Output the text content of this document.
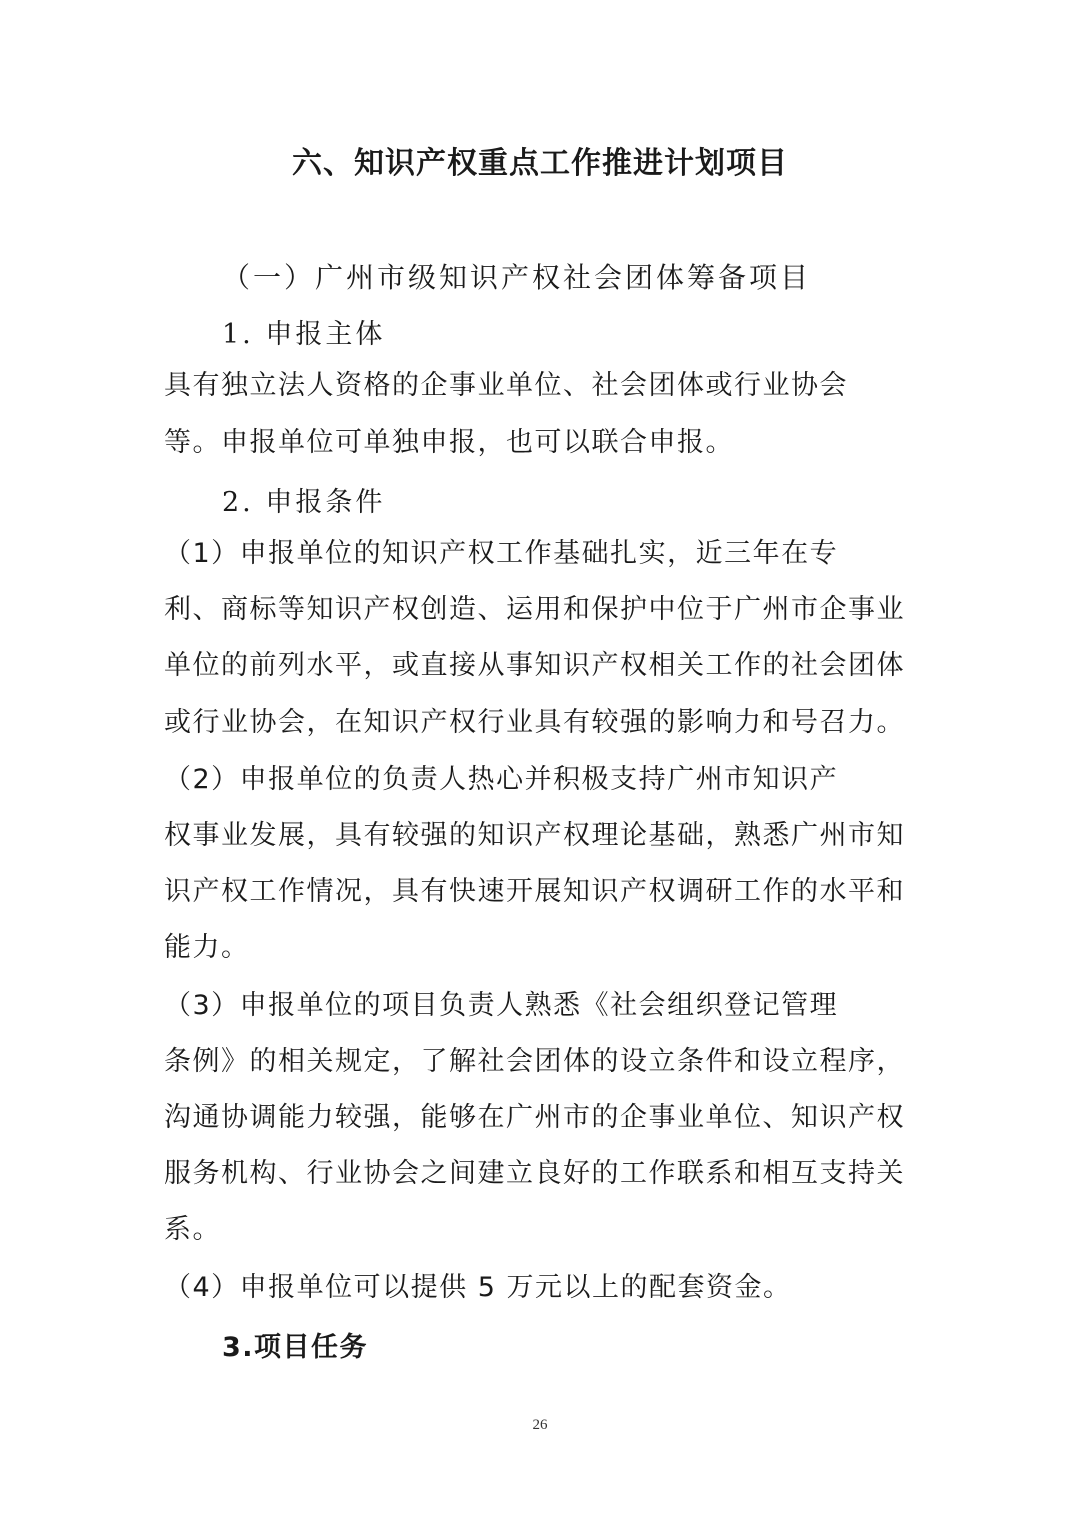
六、知识产权重点工作推进计划项目
（一）广州市级知识产权社会团体筹备项目
1. 申报主体
具有独立法人资格的企事业单位、社会团体或行业协会
等。申报单位可单独申报，也可以联合申报。
2. 申报条件
（1）申报单位的知识产权工作基础扎实，近三年在专
利、商标等知识产权创造、运用和保护中位于广州市企事业
单位的前列水平，或直接从事知识产权相关工作的社会团体
或行业协会，在知识产权行业具有较强的影响力和号召力。
（2）申报单位的负责人热心并积极支持广州市知识产
权事业发展，具有较强的知识产权理论基础，熟悉广州市知
识产权工作情况，具有快速开展知识产权调研工作的水平和
能力。
（3）申报单位的项目负责人熟悉《社会组织登记管理
条例》的相关规定，了解社会团体的设立条件和设立程序，
沟通协调能力较强，能够在广州市的企事业单位、知识产权
服务机构、行业协会之间建立良好的工作联系和相互支持关
系。
（4）申报单位可以提供 5 万元以上的配套资金。
3.项目任务
26
